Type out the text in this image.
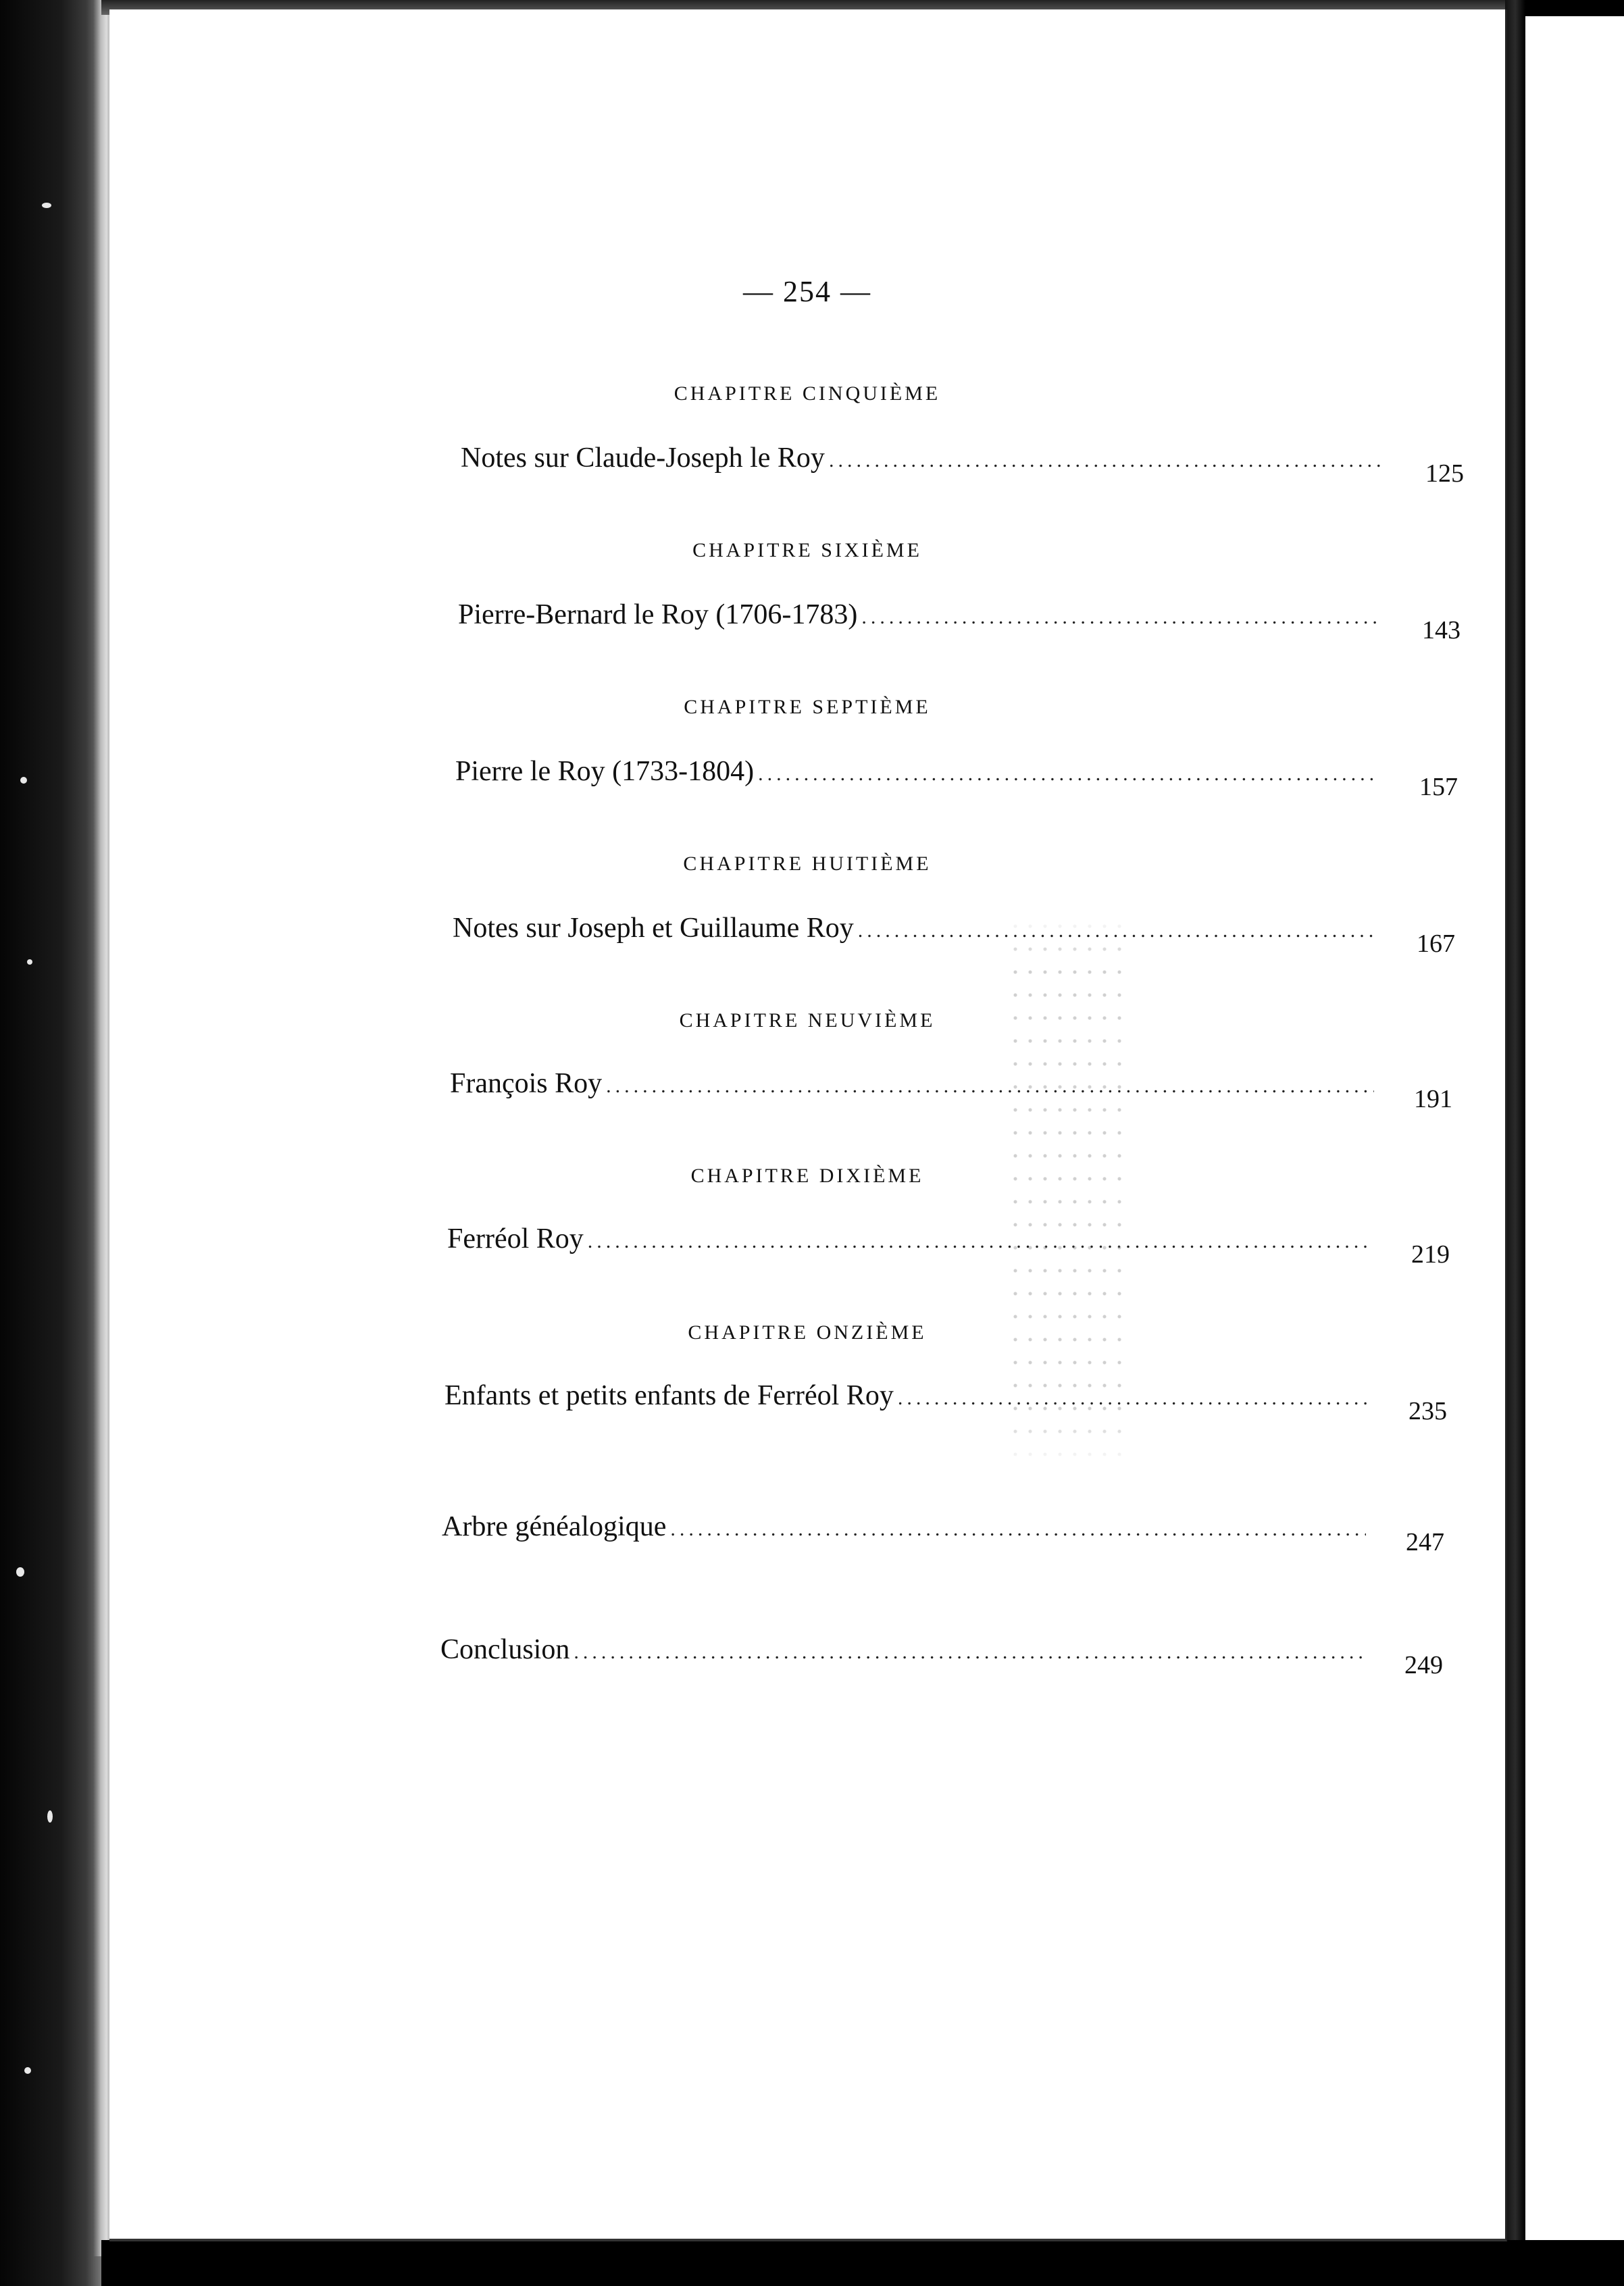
— 254 —
CHAPITRE CINQUIÈME
Notes sur Claude-Joseph le Roy .....	125
CHAPITRE SIXIÈME
Pierre-Bernard le Roy (1706-1783) .....	143
CHAPITRE SEPTIÈME
Pierre le Roy (1733-1804) .....	157
CHAPITRE HUITIÈME
Notes sur Joseph et Guillaume Roy .....	167
CHAPITRE NEUVIÈME
François Roy .....	191
CHAPITRE DIXIÈME
Ferréol Roy .....	219
CHAPITRE ONZIÈME
Enfants et petits enfants de Ferréol Roy .....	235
Arbre généalogique .....	247
Conclusion .....	249
